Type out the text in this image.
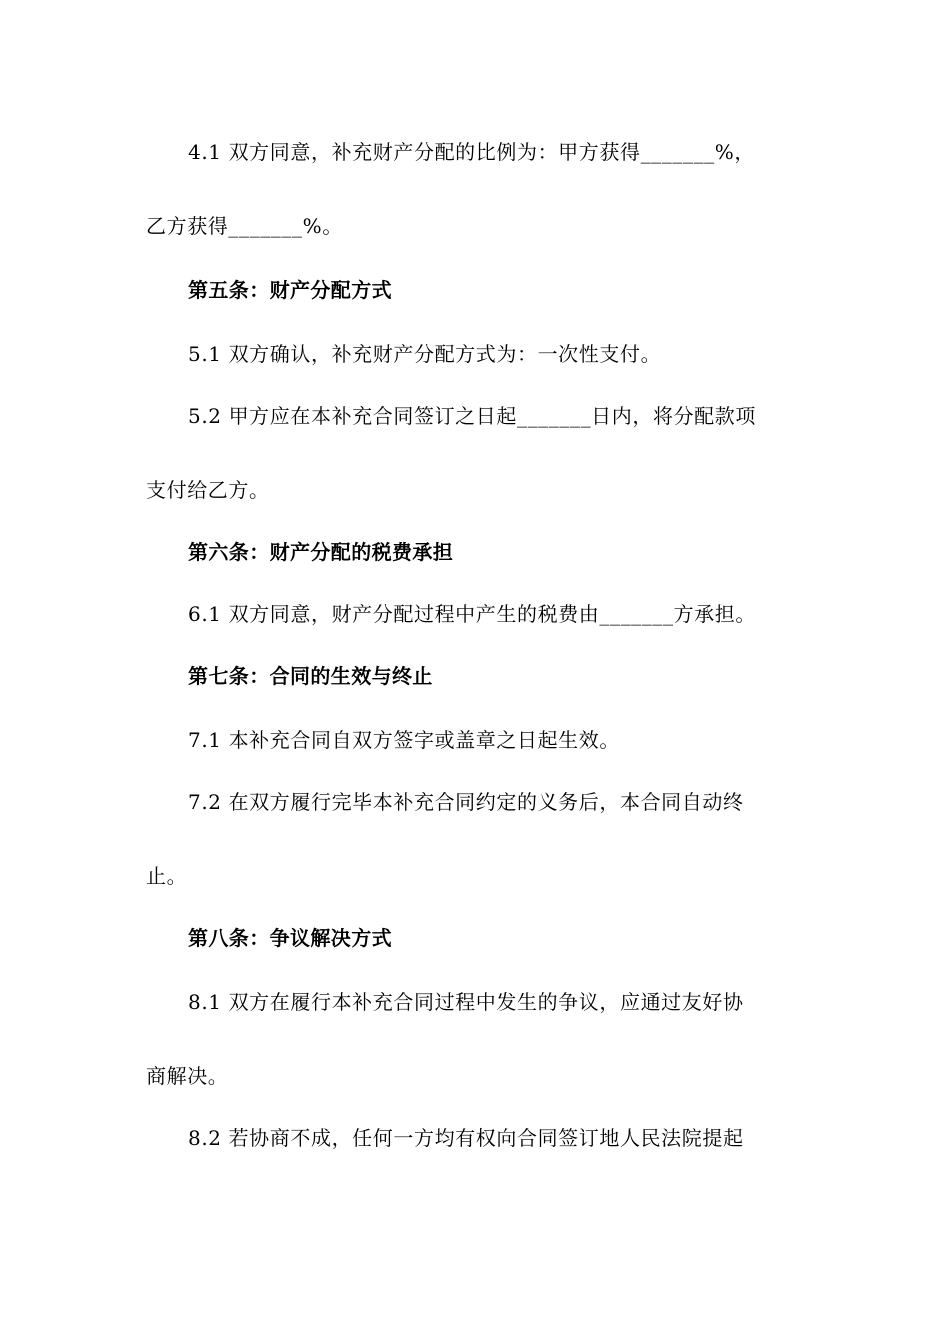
4.1 双方同意，补充财产分配的比例为：甲方获得_______%，
乙方获得_______%。
第五条：财产分配方式
5.1 双方确认，补充财产分配方式为：一次性支付。
5.2 甲方应在本补充合同签订之日起_______日内，将分配款项
支付给乙方。
第六条：财产分配的税费承担
6.1 双方同意，财产分配过程中产生的税费由_______方承担。
第七条：合同的生效与终止
7.1 本补充合同自双方签字或盖章之日起生效。
7.2 在双方履行完毕本补充合同约定的义务后，本合同自动终
止。
第八条：争议解决方式
8.1 双方在履行本补充合同过程中发生的争议，应通过友好协
商解决。
8.2 若协商不成，任何一方均有权向合同签订地人民法院提起
